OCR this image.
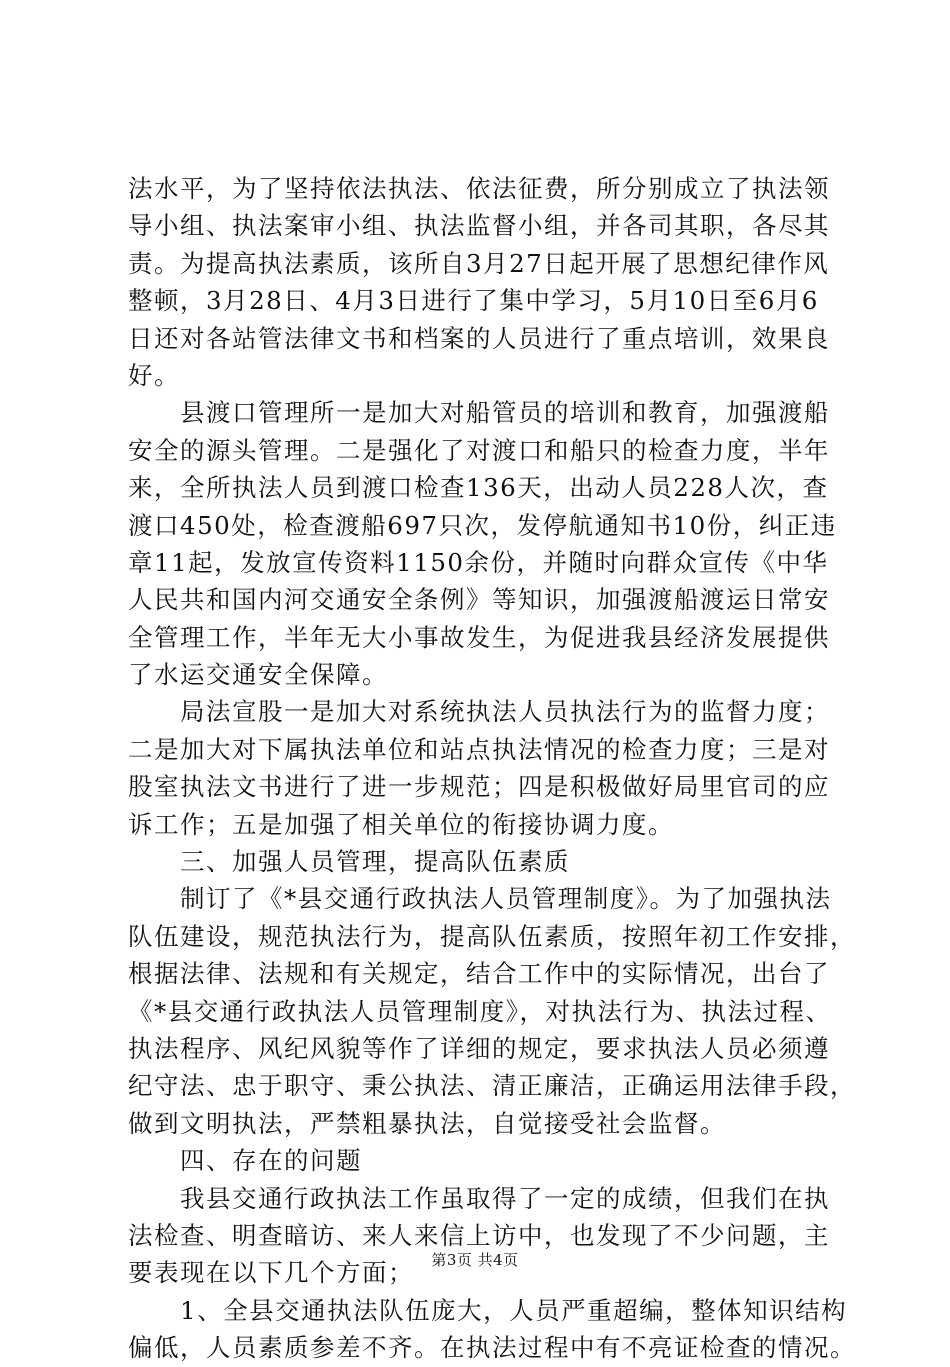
法水平，为了坚持依法执法、依法征费，所分别成立了执法领
导小组、执法案审小组、执法监督小组，并各司其职，各尽其
责。为提高执法素质，该所自3月27日起开展了思想纪律作风
整顿，3月28日、4月3日进行了集中学习，5月10日至6月6
日还对各站管法律文书和档案的人员进行了重点培训，效果良
好。
　　县渡口管理所一是加大对船管员的培训和教育，加强渡船
安全的源头管理。二是强化了对渡口和船只的检查力度，半年
来，全所执法人员到渡口检查136天，出动人员228人次，查
渡口450处，检查渡船697只次，发停航通知书10份，纠正违
章11起，发放宣传资料1150余份，并随时向群众宣传《中华
人民共和国内河交通安全条例》等知识，加强渡船渡运日常安
全管理工作，半年无大小事故发生，为促进我县经济发展提供
了水运交通安全保障。
　　局法宣股一是加大对系统执法人员执法行为的监督力度；
二是加大对下属执法单位和站点执法情况的检查力度；三是对
股室执法文书进行了进一步规范；四是积极做好局里官司的应
诉工作；五是加强了相关单位的衔接协调力度。
　　三、加强人员管理，提高队伍素质
　　制订了《*县交通行政执法人员管理制度》。为了加强执法
队伍建设，规范执法行为，提高队伍素质，按照年初工作安排，
根据法律、法规和有关规定，结合工作中的实际情况，出台了
《*县交通行政执法人员管理制度》，对执法行为、执法过程、
执法程序、风纪风貌等作了详细的规定，要求执法人员必须遵
纪守法、忠于职守、秉公执法、清正廉洁，正确运用法律手段，
做到文明执法，严禁粗暴执法，自觉接受社会监督。
　　四、存在的问题
　　我县交通行政执法工作虽取得了一定的成绩，但我们在执
法检查、明查暗访、来人来信上访中，也发现了不少问题，主
要表现在以下几个方面；
　　1、全县交通执法队伍庞大，人员严重超编，整体知识结构
偏低，人员素质参差不齐。在执法过程中有不亮证检查的情况。
第3页 共4页
